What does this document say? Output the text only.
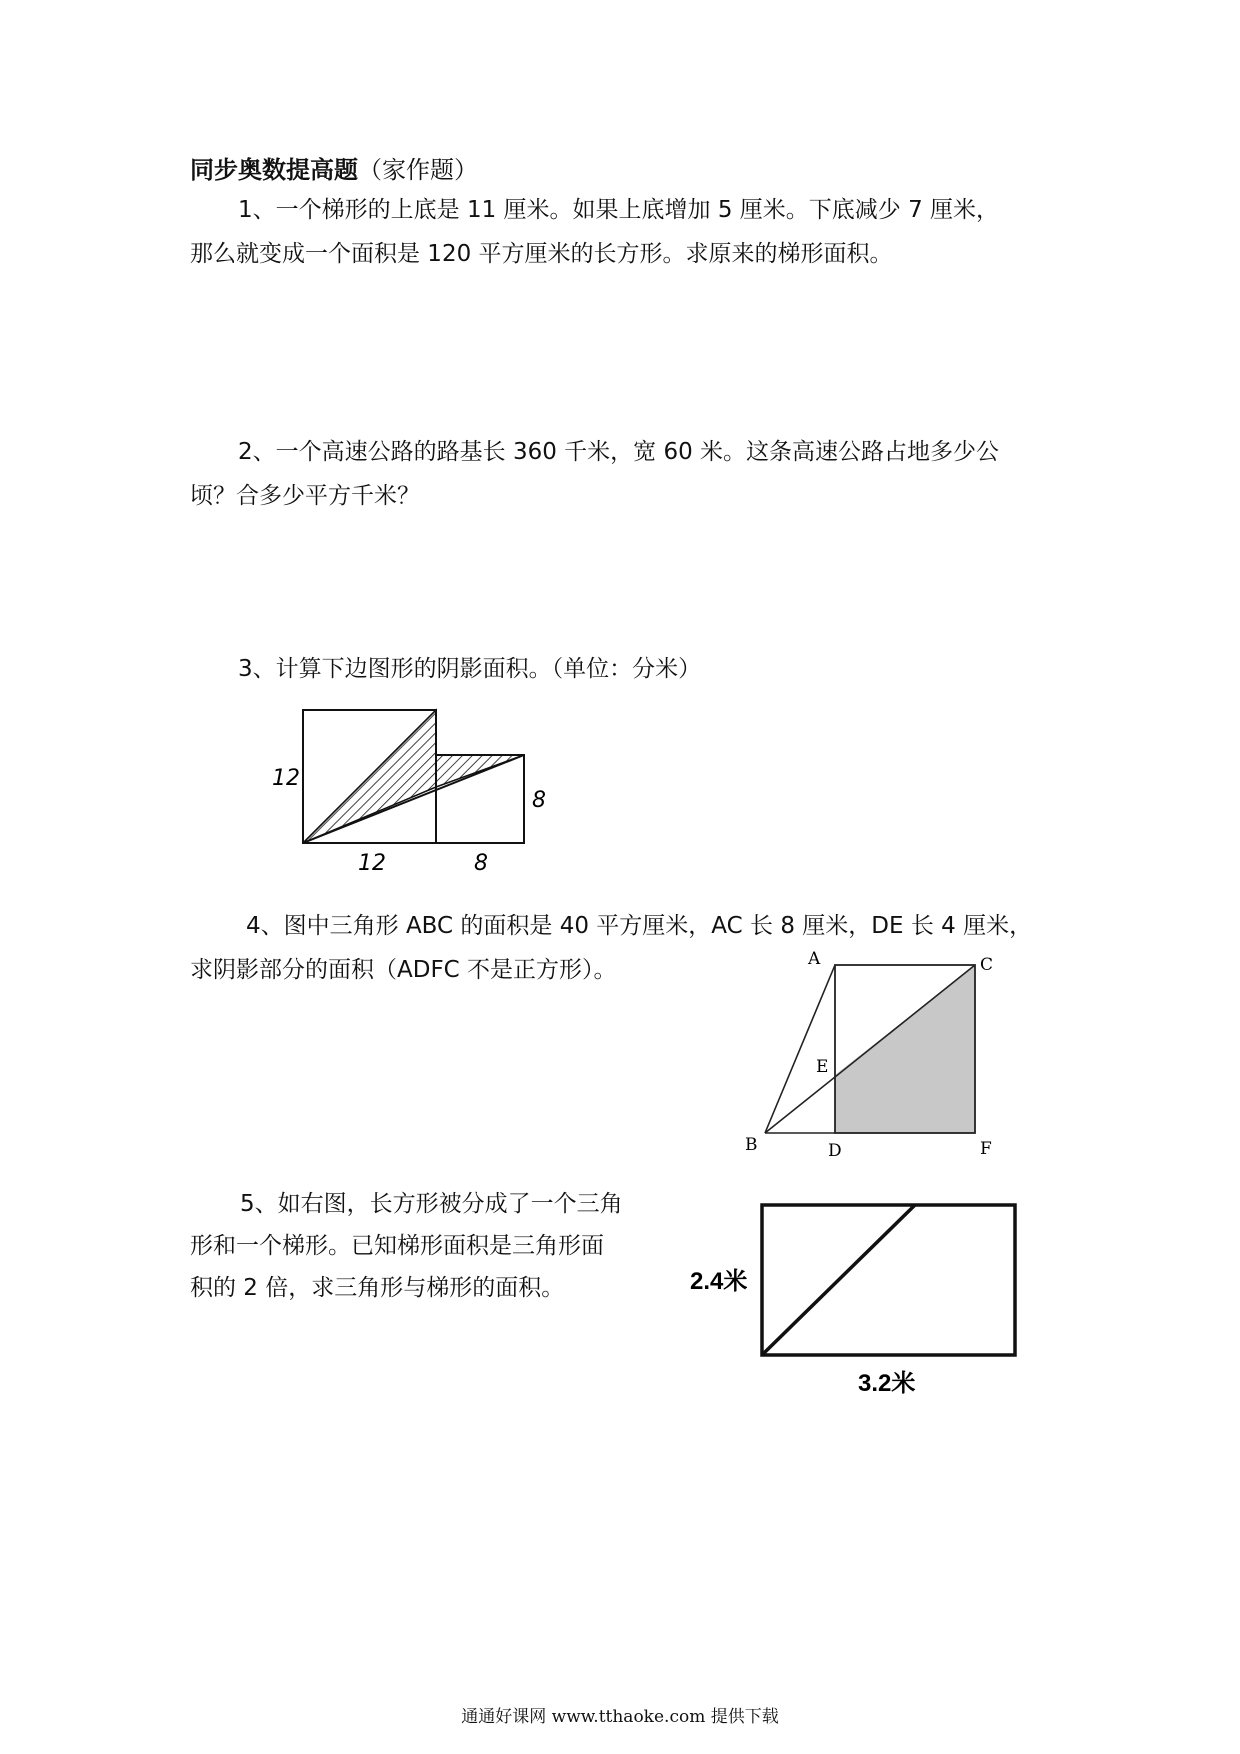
同步奥数提高题（家作题）
1、一个梯形的上底是 11 厘米。如果上底增加 5 厘米。下底减少 7 厘米，
那么就变成一个面积是 120 平方厘米的长方形。求原来的梯形面积。
2、一个高速公路的路基长 360 千米，宽 60 米。这条高速公路占地多少公
顷？合多少平方千米？
3、计算下边图形的阴影面积。（单位：分米）
12
12
8
8
4、图中三角形 ABC 的面积是 40 平方厘米，AC 长 8 厘米，DE 长 4 厘米，
求阴影部分的面积（ADFC 不是正方形）。	A	C
E
B	D	F
5、如右图，长方形被分成了一个三角
形和一个梯形。已知梯形面积是三角形面
积的 2 倍，求三角形与梯形的面积。	2.4米
3.2米
通通好课网 www.tthaoke.com 提供下载
